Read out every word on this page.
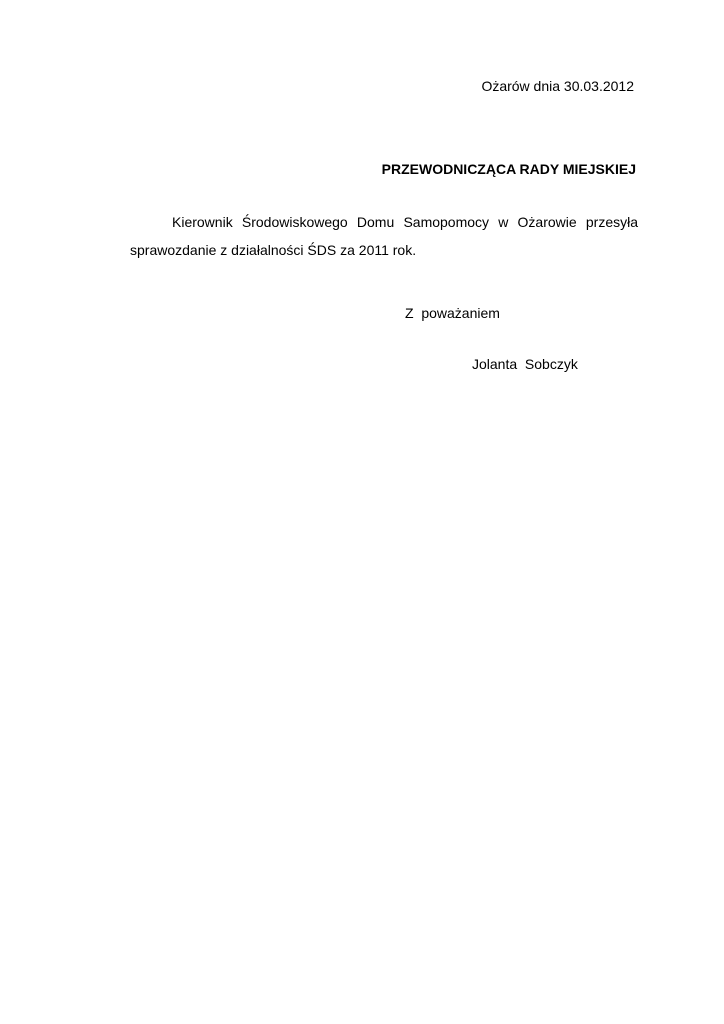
Ożarów dnia 30.03.2012
PRZEWODNICZĄCA RADY MIEJSKIEJ
Kierownik Środowiskowego Domu Samopomocy w Ożarowie przesyła
sprawozdanie z działalności ŚDS za 2011 rok.
Z  poważaniem
Jolanta  Sobczyk
